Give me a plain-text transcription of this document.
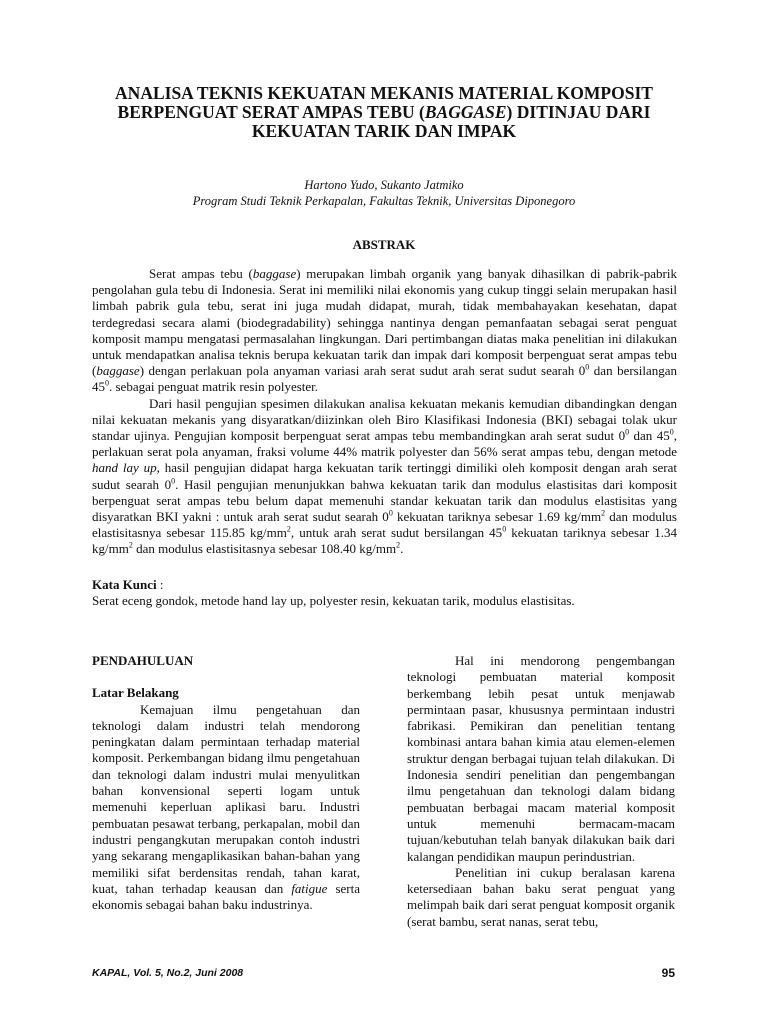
ANALISA TEKNIS KEKUATAN MEKANIS MATERIAL KOMPOSIT
BERPENGUAT SERAT AMPAS TEBU (BAGGASE) DITINJAU DARI
KEKUATAN TARIK DAN IMPAK
Hartono Yudo, Sukanto Jatmiko
Program Studi Teknik Perkapalan, Fakultas Teknik, Universitas Diponegoro
ABSTRAK

Serat ampas tebu (baggase) merupakan limbah organik yang banyak dihasilkan di pabrik-pabrik pengolahan gula tebu di Indonesia. Serat ini memiliki nilai ekonomis yang cukup tinggi selain merupakan hasil limbah pabrik gula tebu, serat ini juga mudah didapat, murah, tidak membahayakan kesehatan, dapat terdegredasi secara alami (biodegradability) sehingga nantinya dengan pemanfaatan sebagai serat penguat komposit mampu mengatasi permasalahan lingkungan. Dari pertimbangan diatas maka penelitian ini dilakukan untuk mendapatkan analisa teknis berupa kekuatan tarik dan impak dari komposit berpenguat serat ampas tebu (baggase) dengan perlakuan pola anyaman variasi arah serat sudut arah serat sudut searah $0^0$ dan bersilangan $45^0$. sebagai penguat matrik resin polyester.

Dari hasil pengujian spesimen dilakukan analisa kekuatan mekanis kemudian dibandingkan dengan nilai kekuatan mekanis yang disyaratkan/diizinkan oleh Biro Klasifikasi Indonesia (BKI) sebagai tolak ukur standar ujinya. Pengujian komposit berpenguat serat ampas tebu membandingkan arah serat sudut $0^0$ dan $45^0$, perlakuan serat pola anyaman, fraksi volume 44% matrik polyester dan 56% serat ampas tebu, dengan metode hand lay up, hasil pengujian didapat harga kekuatan tarik tertinggi dimiliki oleh komposit dengan arah serat sudut searah $0^0$. Hasil pengujian menunjukkan bahwa kekuatan tarik dan modulus elastisitas dari komposit berpenguat serat ampas tebu belum dapat memenuhi standar kekuatan tarik dan modulus elastisitas yang disyaratkan BKI yakni : untuk arah serat sudut searah $0^0$ kekuatan tariknya sebesar 1.69 $kg/mm^2$ dan modulus elastisitasnya sebesar 115.85 $kg/mm^2$, untuk arah serat sudut bersilangan $45^0$ kekuatan tariknya sebesar 1.34 $kg/mm^2$ dan modulus elastisitasnya sebesar 108.40 $kg/mm^2$.

Kata Kunci :
Serat eceng gondok, metode hand lay up, polyester resin, kekuatan tarik, modulus elastisitas.
PENDAHULUAN
Latar Belakang

Kemajuan ilmu pengetahuan dan teknologi dalam industri telah mendorong peningkatan dalam permintaan terhadap material komposit. Perkembangan bidang ilmu pengetahuan dan teknologi dalam industri mulai menyulitkan bahan konvensional seperti logam untuk memenuhi keperluan aplikasi baru. Industri pembuatan pesawat terbang, perkapalan, mobil dan industri pengangkutan merupakan contoh industri yang sekarang mengaplikasikan bahan-bahan yang memiliki sifat berdensitas rendah, tahan karat, kuat, tahan terhadap keausan dan fatigue serta ekonomis sebagai bahan baku industrinya.

Hal ini mendorong pengembangan teknologi pembuatan material komposit berkembang lebih pesat untuk menjawab permintaan pasar, khususnya permintaan industri fabrikasi. Pemikiran dan penelitian tentang kombinasi antara bahan kimia atau elemen-elemen struktur dengan berbagai tujuan telah dilakukan. Di Indonesia sendiri penelitian dan pengembangan ilmu pengetahuan dan teknologi dalam bidang pembuatan berbagai macam material komposit untuk memenuhi bermacam-macam tujuan/kebutuhan telah banyak dilakukan baik dari kalangan pendidikan maupun perindustrian.

Penelitian ini cukup beralasan karena ketersediaan bahan baku serat penguat yang melimpah baik dari serat penguat komposit organik (serat bambu, serat nanas, serat tebu,

KAPAL, Vol. 5, No.2, Juni 2008	95
